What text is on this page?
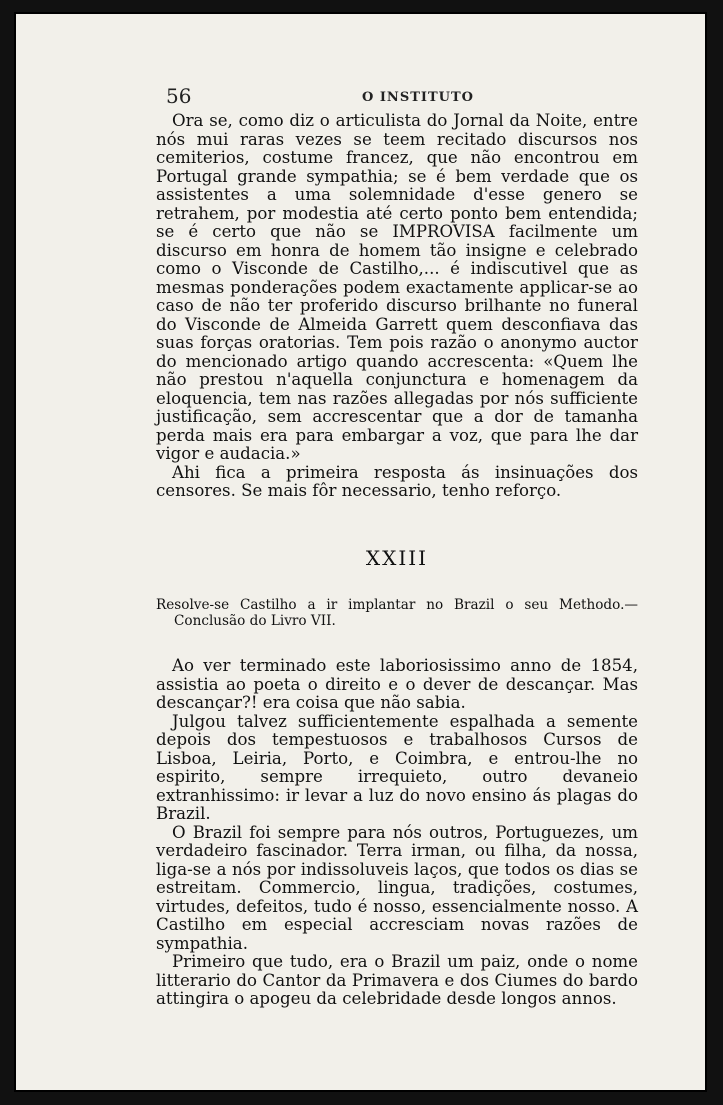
56	O INSTITUTO

Ora se, como diz o articulista do Jornal da Noite, entre nós mui raras vezes se teem recitado discursos nos cemiterios, costume francez, que não encontrou em Portugal grande sympathia; se é bem verdade que os assistentes a uma solemnidade d'esse genero se retrahem, por modestia até certo ponto bem entendida; se é certo que não se IMPROVISA facilmente um discurso em honra de homem tão insigne e celebrado como o Visconde de Castilho,... é indiscutivel que as mesmas ponderações podem exactamente applicar-se ao caso de não ter proferido discurso brilhante no funeral do Visconde de Almeida Garrett quem desconfiava das suas forças oratorias. Tem pois razão o anonymo auctor do mencionado artigo quando accrescenta: «Quem lhe não prestou n'aquella conjunctura e homenagem da eloquencia, tem nas razões allegadas por nós sufficiente justificação, sem accrescentar que a dor de tamanha perda mais era para embargar a voz, que para lhe dar vigor e audacia.»

Ahi fica a primeira resposta ás insinuações dos censores. Se mais fôr necessario, tenho reforço.

XXIII

Resolve-se Castilho a ir implantar no Brazil o seu Methodo.— Conclusão do Livro VII.

Ao ver terminado este laboriosissimo anno de 1854, assistia ao poeta o direito e o dever de descançar. Mas descançar?! era coisa que não sabia.

Julgou talvez sufficientemente espalhada a semente depois dos tempestuosos e trabalhosos Cursos de Lisboa, Leiria, Porto, e Coimbra, e entrou-lhe no espirito, sempre irrequieto, outro devaneio extranhissimo: ir levar a luz do novo ensino ás plagas do Brazil.

O Brazil foi sempre para nós outros, Portuguezes, um verdadeiro fascinador. Terra irman, ou filha, da nossa, liga-se a nós por indissoluveis laços, que todos os dias se estreitam. Commercio, lingua, tradições, costumes, virtudes, defeitos, tudo é nosso, essencialmente nosso. A Castilho em especial accresciam novas razões de sympathia.

Primeiro que tudo, era o Brazil um paiz, onde o nome litterario do Cantor da Primavera e dos Ciumes do bardo attingira o apogeu da celebridade desde longos annos.
